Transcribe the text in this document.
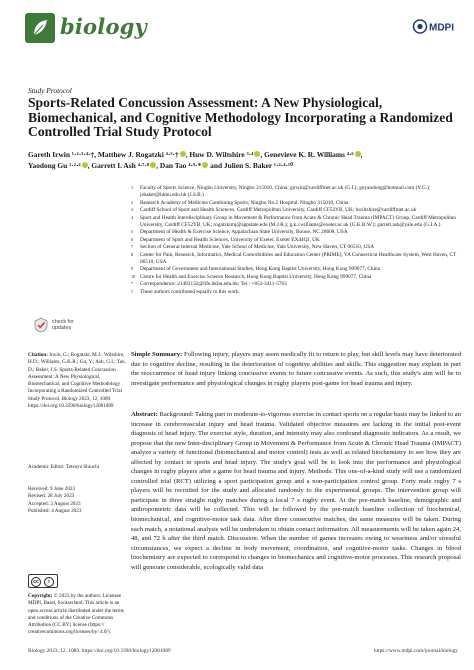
biology	MDPI
Study Protocol
Sports-Related Concussion Assessment: A New Physiological, Biomechanical, and Cognitive Methodology Incorporating a Randomized Controlled Trial Study Protocol
Gareth Irwin ¹·²·³·⁴·†, Matthew J. Rogatzki ⁴·⁵·† , Huw D. Wiltshire ³·⁴ , Genevieve K. R. Williams ⁴·⁶ ,
Yaodong Gu ¹·²·⁴ , Garrett I. Ash ⁴·⁷·⁸ , Dan Tao ⁴·⁹·* and Julien S. Baker ¹·²·⁴·¹⁰
1	Faculty of Sports Science, Ningbo University, Ningbo 315010, China; girwin@cardiffmet.ac.uk (G.I.); guyaodong@hotmail.com (Y.G.); jsbaker@hkbu.edu.hk (J.S.B.)
2	Research Academy of Medicine Combining Sports, Ningbo No.2 Hospital, Ningbo 315010, China
3	Cardiff School of Sport and Health Sciences, Cardiff Metropolitan University, Cardiff CF52YB, UK; hwiltshire@cardiffmet.ac.uk
4	Sport and Health Interdisciplinary Group in Movement & Performance from Acute & Chronic Head Trauma (IMPACT) Group, Cardiff Metropolitan University, Cardiff CF52YB, UK; rogatzkimj@appstate.edu (M.J.R.); g.k.r.williams@exeter.ac.uk (G.K.R.W.); garrett.ash@yale.edu (G.I.A.)
5	Department of Health & Exercise Science, Appalachian State University, Boone, NC 28608, USA
6	Department of Sport and Health Sciences, University of Exeter, Exeter EX44QJ, UK
7	Section of General Internal Medicine, Yale School of Medicine, Yale University, New Haven, CT 06510, USA
8	Center for Pain, Research, Informatics, Medical Comorbidities and Education Center (PRIME), VA Connecticut Healthcare System, West Haven, CT 06510, USA
9	Department of Government and International Studies, Hong Kong Baptist University, Hong Kong 999077, China
10 Centre for Health and Exercise Science Research, Hong Kong Baptist University, Hong Kong 999077, China
*	Correspondence: 21483132@life.hkbu.edu.hk; Tel.: +852-3411-5703
†	These authors contributed equally to this work.
check for
updates
Citation: Irwin, G.; Rogatzki, M.J.; Wiltshire, H.D.; Williams, G.K.R.; Gu, Y.; Ash, G.I.; Tao, D.; Baker, J.S. Sports-Related Concussion Assessment: A New Physiological, Biomechanical, and Cognitive Methodology Incorporating a Randomized Controlled Trial Study Protocol. Biology 2023, 12, 1089. https://doi.org/10.3390/biology12081089
Academic Editor: Tetsuya Shiuchi
Received: 9 June 2023
Revised: 28 July 2023
Accepted: 2 August 2023
Published: 4 August 2023
cc	i
Copyright: © 2023 by the authors. Licensee MDPI, Basel, Switzerland. This article is an open access article distributed under the terms and conditions of the Creative Commons Attribution (CC BY) license (https:// creativecommons.org/licenses/by/ 4.0/).
Simple Summary: Following injury, players may seem medically fit to return to play, but skill levels may have deteriorated due to cognitive decline, resulting in the deterioration of cognitive abilities and skills. This suggestion may explain in part the reoccurrence of head injury linking concussive events to future concussive events. As such, this study's aim will be to investigate performance and physiological changes in rugby players post-game for head trauma and injury.
Abstract: Background: Taking part in moderate-to-vigorous exercise in contact sports on a regular basis may be linked to an increase in cerebrovascular injury and head trauma. Validated objective measures are lacking in the initial post-event diagnosis of head injury. The exercise style, duration, and intensity may also confound diagnostic indicators. As a result, we propose that the new Inter-disciplinary Group in Movement & Performance from Acute & Chronic Head Trauma (IMPACT) analyze a variety of functional (biomechanical and motor control) tests as well as related biochemistry to see how they are affected by contact in sports and head injury. The study's goal will be to look into the performance and physiological changes in rugby players after a game for head trauma and injury. Methods: This one-of-a-kind study will use a randomized controlled trial (RCT) utilizing a sport participation group and a non-participation control group. Forty male rugby 7 s players will be recruited for the study and allocated randomly to the experimental groups. The intervention group will participate in three straight rugby matches during a local 7 s rugby event. At the pre-match baseline, demographic and anthropometric data will be collected. This will be followed by the pre-match baseline collection of biochemical, biomechanical, and cognitive-motor task data. After three consecutive matches, the same measures will be taken. During each match, a notational analysis will be undertaken to obtain contact information. All measurements will be taken again 24, 48, and 72 h after the third match. Discussion: When the number of games increases owing to weariness and/or stressful circumstances, we expect a decline in body movement, coordination, and cognitive-motor tasks. Changes in blood biochemistry are expected to correspond to changes in biomechanics and cognitive-motor processes. This research proposal will generate considerable, ecologically valid data
Biology 2023, 12, 1089. https://doi.org/10.3390/biology12081089	https://www.mdpi.com/journal/biology
